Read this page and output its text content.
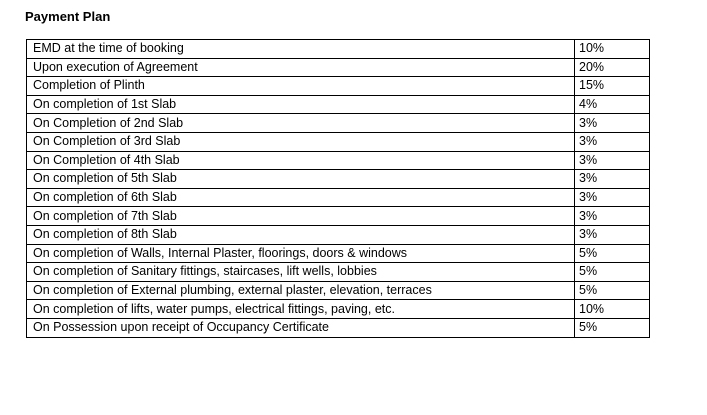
Payment Plan
EMD at the time of booking	10%
Upon execution of Agreement	20%
Completion of Plinth	15%
On completion of 1st Slab	4%
On Completion of 2nd Slab	3%
On Completion of 3rd Slab	3%
On Completion of 4th Slab	3%
On completion of 5th Slab	3%
On completion of 6th Slab	3%
On completion of 7th Slab	3%
On completion of 8th Slab	3%
On completion of Walls, Internal Plaster, floorings, doors & windows	5%
On completion of Sanitary fittings, staircases, lift wells, lobbies	5%
On completion of External plumbing, external plaster, elevation, terraces	5%
On completion of lifts, water pumps, electrical fittings, paving, etc.	10%
On Possession upon receipt of Occupancy Certificate	5%
